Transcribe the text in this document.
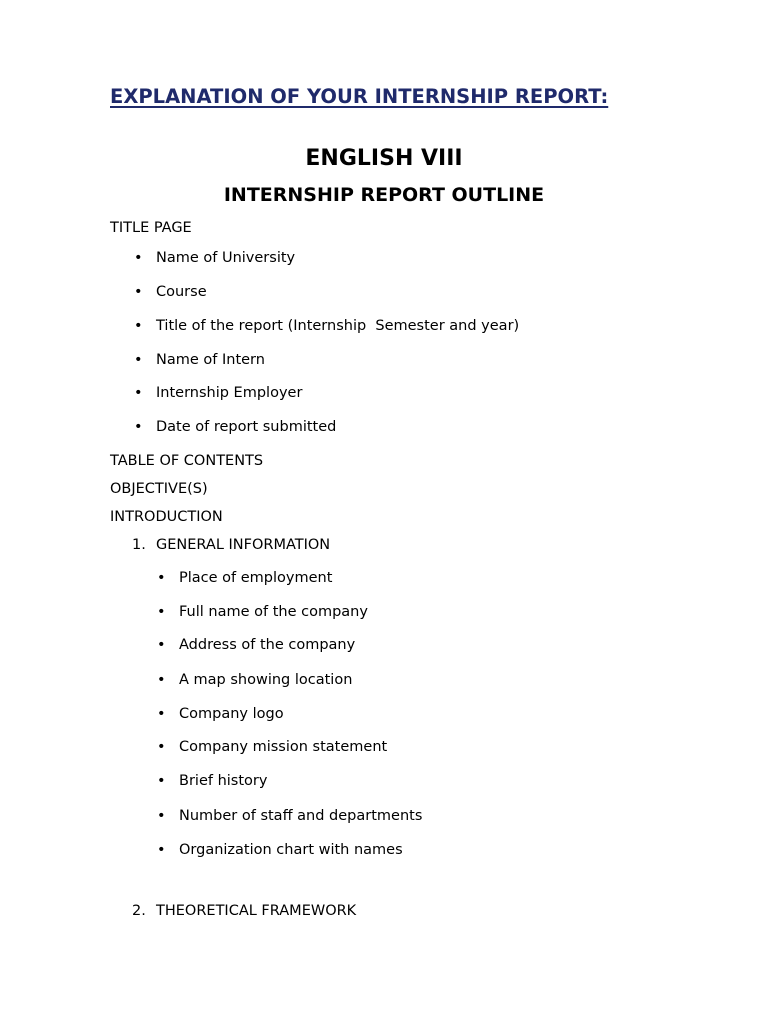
EXPLANATION OF YOUR INTERNSHIP REPORT:
ENGLISH VIII
INTERNSHIP REPORT OUTLINE
TITLE PAGE
• Name of University
• Course
• Title of the report (Internship  Semester and year)
• Name of Intern
• Internship Employer
• Date of report submitted
TABLE OF CONTENTS
OBJECTIVE(S)
INTRODUCTION
1. GENERAL INFORMATION
• Place of employment
• Full name of the company
• Address of the company
• A map showing location
• Company logo
• Company mission statement
• Brief history
• Number of staff and departments
• Organization chart with names
2. THEORETICAL FRAMEWORK
